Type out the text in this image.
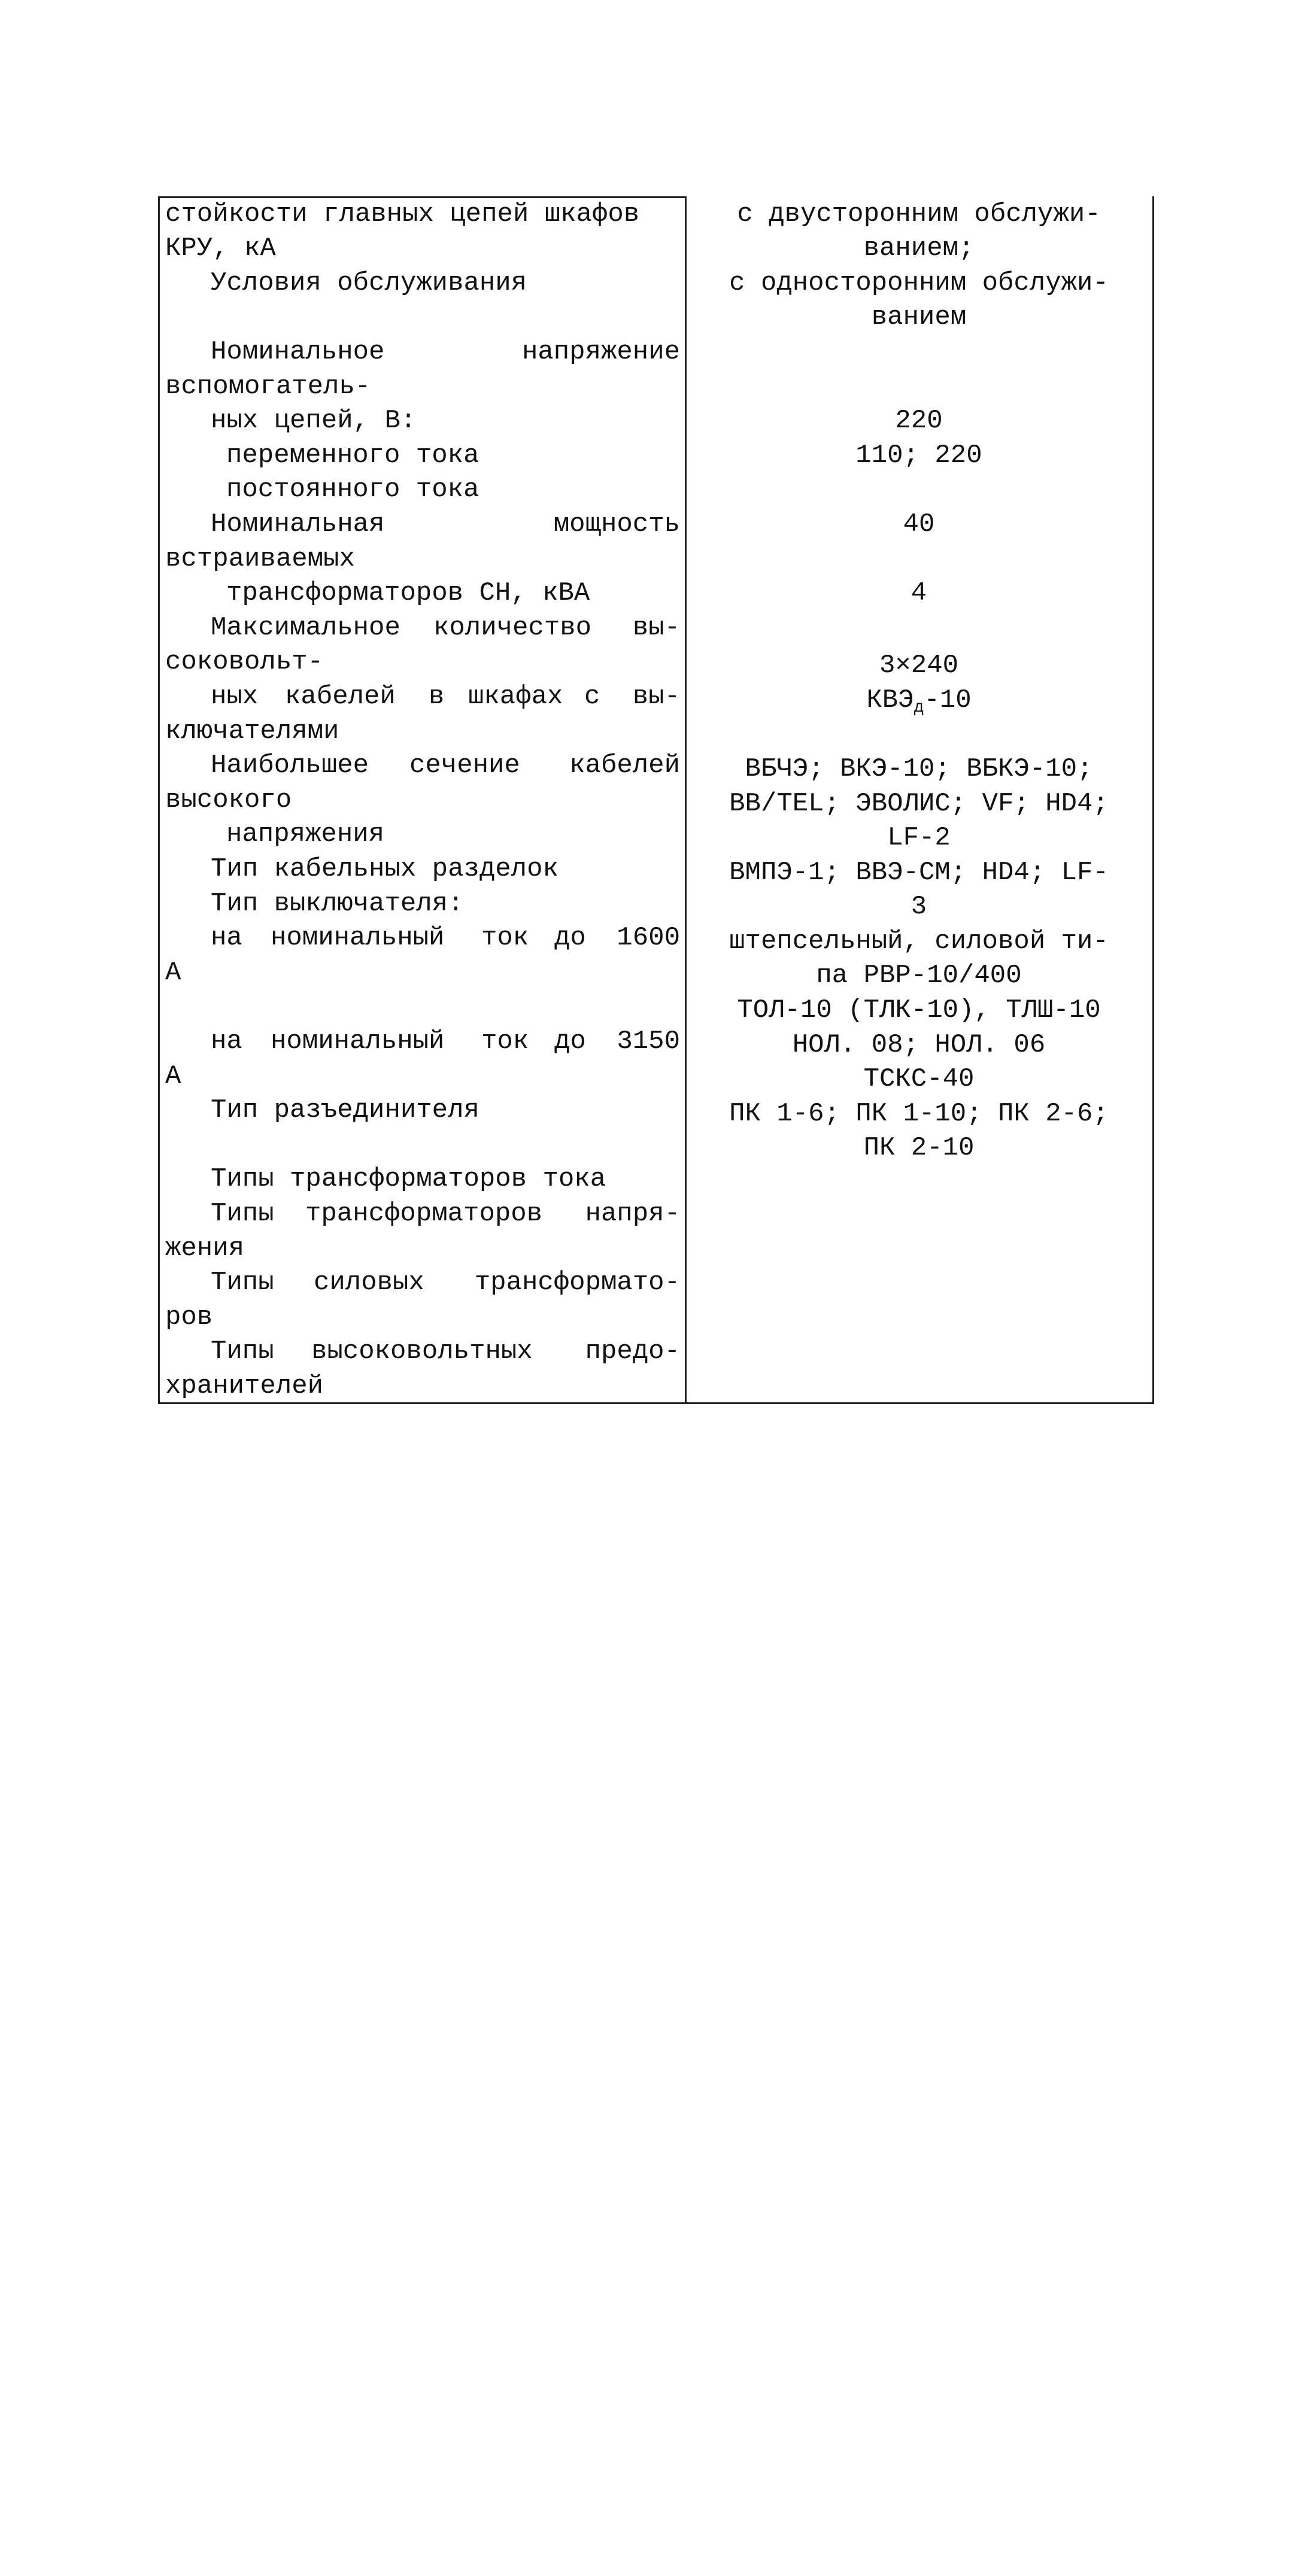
стойкости главных цепей шкафов

КРУ, кА

Условия обслуживания

Номинальное

	напряжение

вспомогатель-

ных цепей, В:

переменного тока

постоянного тока

Номинальная

	мощность

встраиваемых

трансформаторов СН, кВА

Максимальное

количество

вы-

соковольт-

ных

кабелей

в

шкафах

с

вы-

ключателями

Наибольшее

сечение

кабелей

высокого

напряжения

Тип кабельных разделок

Тип выключателя:

на

номинальный

ток

до

1600

А

на

номинальный

ток

до

3150

А

Тип разъединителя

Типы трансформаторов тока

Типы

трансформаторов

напря-

жения

Типы

силовых

трансформато-

ров

Типы

высоковольтных

предо-

хранителей

с двусторонним обслужи-

ванием;

с односторонним обслужи-

ванием

220

110; 220

40

4

3×240

$КВЭ_д-10$

ВБЧЭ; ВКЭ-10; ВБКЭ-10;

BB/TEL; ЭВОЛИС; VF; HD4;

LF-2

ВМПЭ-1; ВВЭ-СМ; HD4; LF-

3

штепсельный, силовой ти-

па РВР-10/400

ТОЛ-10 (ТЛК-10), ТЛШ-10

НОЛ. 08; НОЛ. 06

ТСКС-40

ПК 1-6; ПК 1-10; ПК 2-6;

ПК 2-10
